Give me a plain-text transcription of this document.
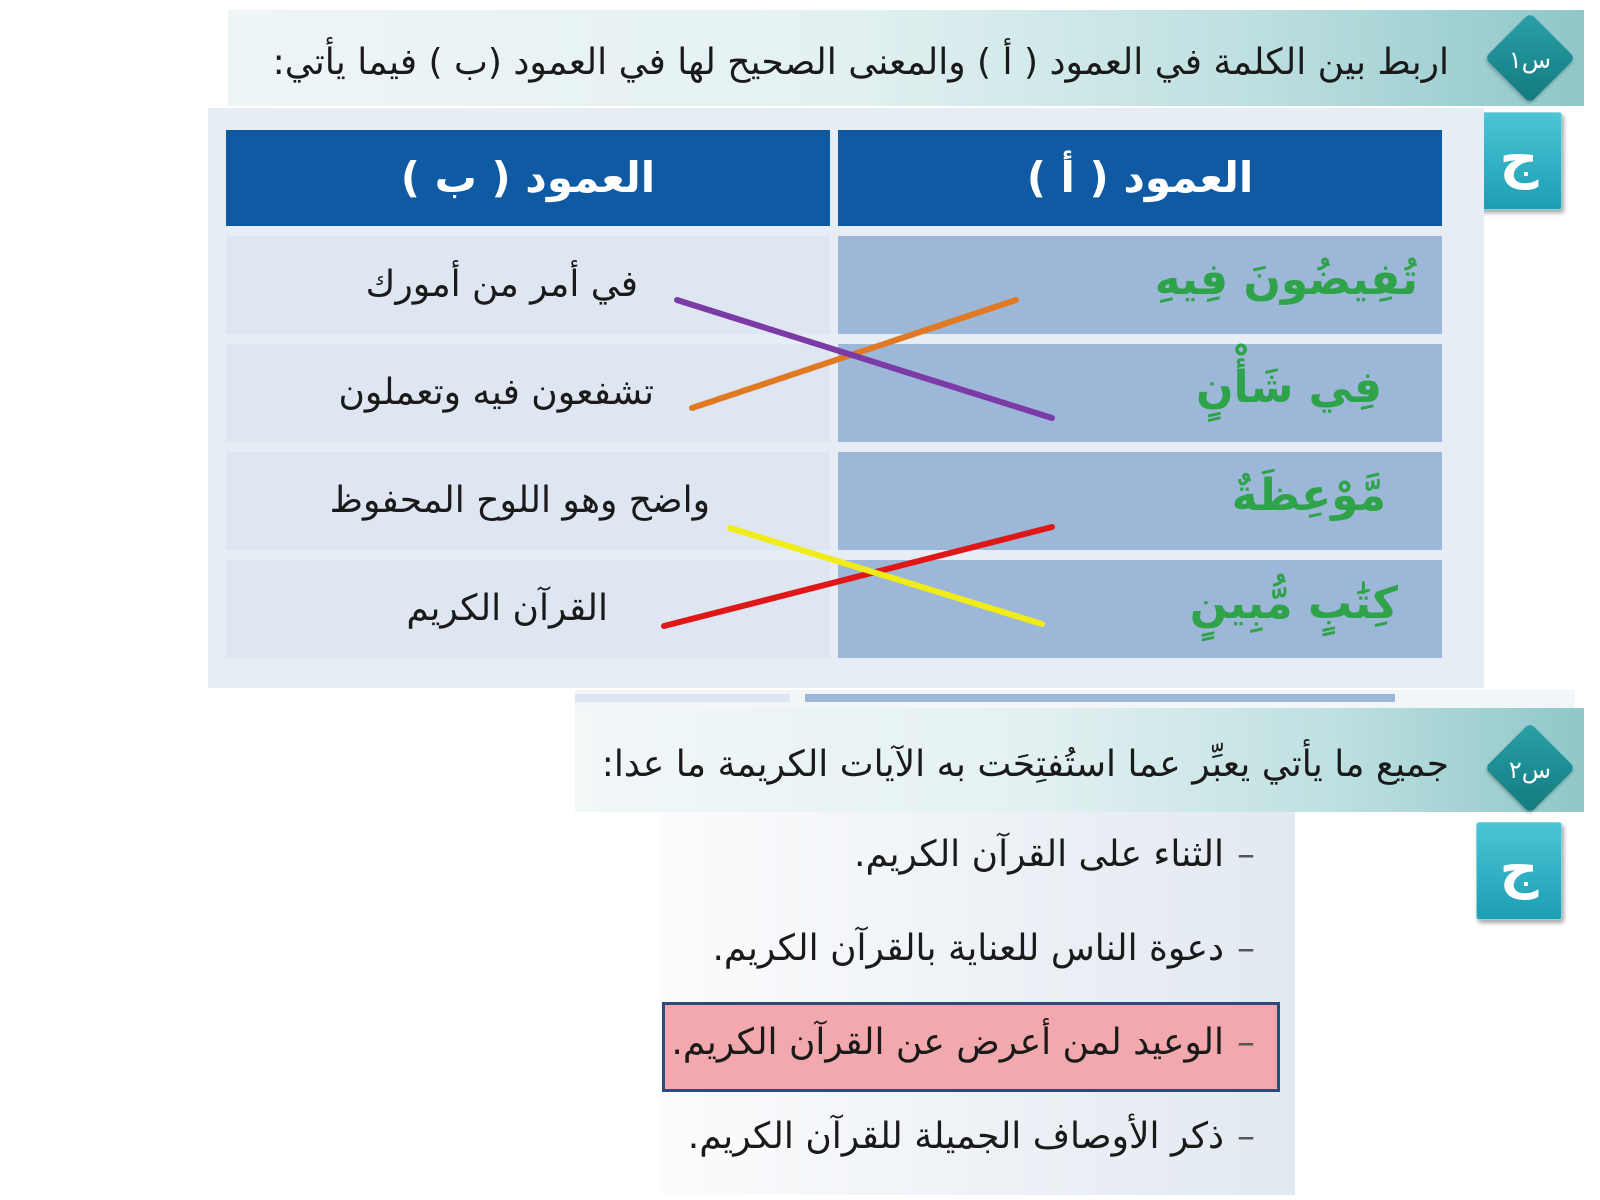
اربط بين الكلمة في العمود ( أ ) والمعنى الصحيح لها في العمود (ب ) فيما يأتي:	س١
ج
العمود ( أ )
العمود ( ب )
تُفِيضُونَ فِيهِ
فِي شَأْنٍ
مَّوْعِظَةٌ
كِتَٰبٍ مُّبِينٍ
في أمر من أمورك
تشفعون فيه وتعملون
واضح وهو اللوح المحفوظ
القرآن الكريم
جميع ما يأتي يعبِّر عما استُفتِحَت به الآيات الكريمة ما عدا:	س٢
ج
الثناء على القرآن الكريم. –
دعوة الناس للعناية بالقرآن الكريم. –
الوعيد لمن أعرض عن القرآن الكريم. –
ذكر الأوصاف الجميلة للقرآن الكريم. –
